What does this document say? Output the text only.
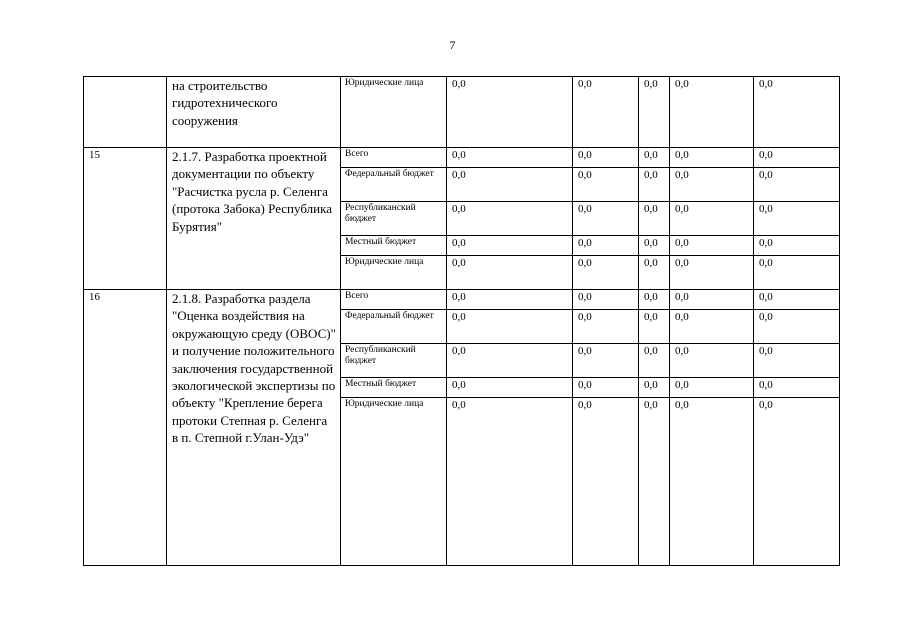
7
	на строительство гидротехнического сооружения	Юридические лица	0,0	0,0	0,0	0,0	0,0
15	2.1.7. Разработка проектной документации по объекту "Расчистка русла р. Селенга (протока Забока) Республика Бурятия"	Всего	0,0	0,0	0,0	0,0	0,0
		Федеральный бюджет	0,0	0,0	0,0	0,0	0,0
		Республиканский бюджет	0,0	0,0	0,0	0,0	0,0
		Местный бюджет	0,0	0,0	0,0	0,0	0,0
		Юридические лица	0,0	0,0	0,0	0,0	0,0
16	2.1.8. Разработка раздела "Оценка воздействия на окружающую среду (ОВОС)" и получение положительного заключения государственной экологической экспертизы по объекту "Крепление берега протоки Степная р. Селенга в п. Степной г.Улан-Удэ"	Всего	0,0	0,0	0,0	0,0	0,0
		Федеральный бюджет	0,0	0,0	0,0	0,0	0,0
		Республиканский бюджет	0,0	0,0	0,0	0,0	0,0
		Местный бюджет	0,0	0,0	0,0	0,0	0,0
		Юридические лица	0,0	0,0	0,0	0,0	0,0
